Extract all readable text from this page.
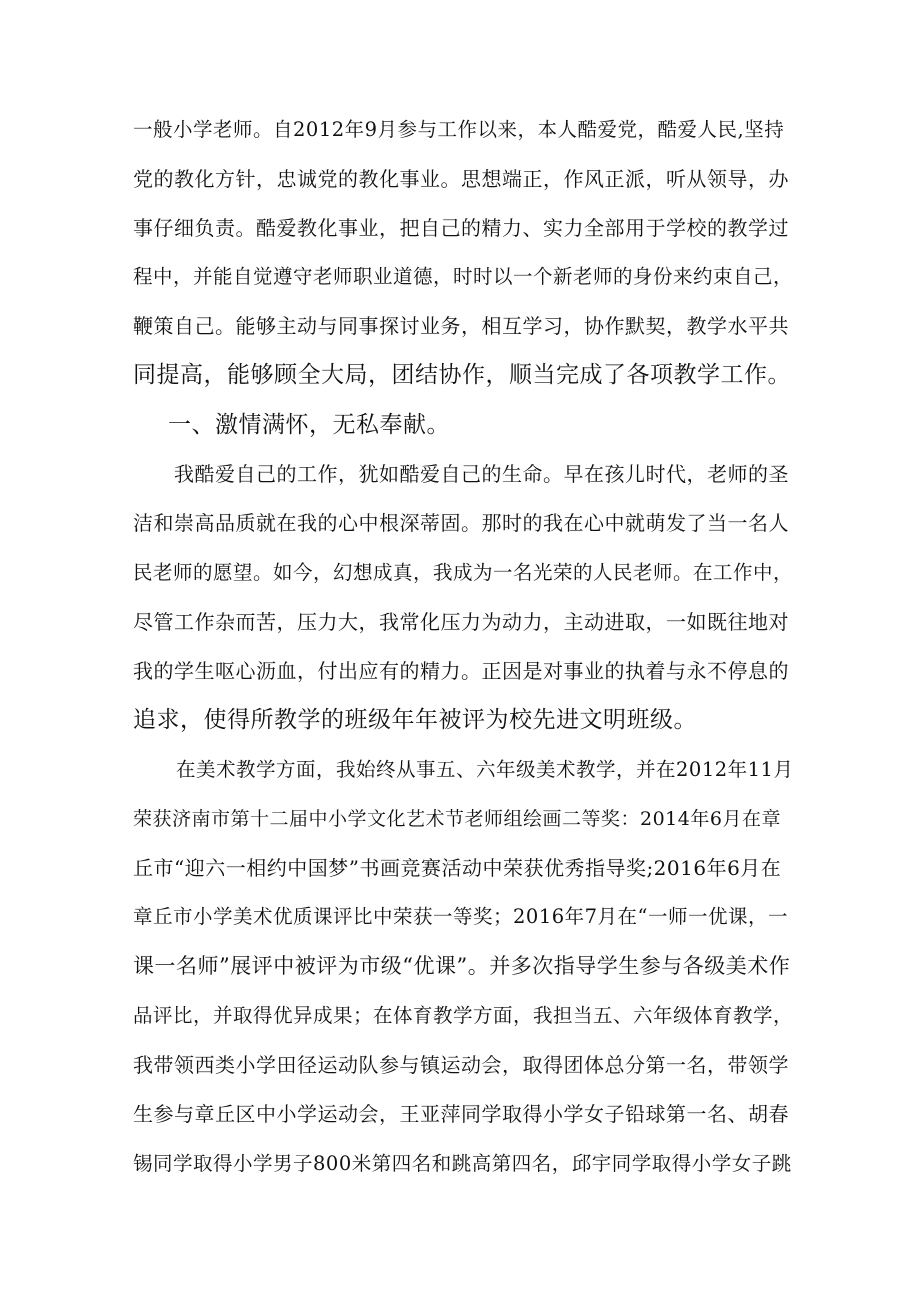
一般小学老师。自2012年9月参与工作以来，本人酷爱党，酷爱人民,坚持
党的教化方针，忠诚党的教化事业。思想端正，作风正派，听从领导，办
事仔细负责。酷爱教化事业，把自己的精力、实力全部用于学校的教学过
程中，并能自觉遵守老师职业道德，时时以一个新老师的身份来约束自己，
鞭策自己。能够主动与同事探讨业务，相互学习，协作默契，教学水平共
同提高，能够顾全大局，团结协作，顺当完成了各项教学工作。
一、激情满怀，无私奉献。
我酷爱自己的工作，犹如酷爱自己的生命。早在孩儿时代，老师的圣
洁和崇高品质就在我的心中根深蒂固。那时的我在心中就萌发了当一名人
民老师的愿望。如今，幻想成真，我成为一名光荣的人民老师。在工作中，
尽管工作杂而苦，压力大，我常化压力为动力，主动进取，一如既往地对
我的学生呕心沥血，付出应有的精力。正因是对事业的执着与永不停息的
追求，使得所教学的班级年年被评为校先进文明班级。
在美术教学方面，我始终从事五、六年级美术教学，并在2012年11月
荣获济南市第十二届中小学文化艺术节老师组绘画二等奖：2014年6月在章
丘市“迎六一相约中国梦”书画竞赛活动中荣获优秀指导奖;2016年6月在
章丘市小学美术优质课评比中荣获一等奖；2016年7月在“一师一优课，一
课一名师”展评中被评为市级“优课”。并多次指导学生参与各级美术作
品评比，并取得优异成果；在体育教学方面，我担当五、六年级体育教学，
我带领西类小学田径运动队参与镇运动会，取得团体总分第一名，带领学
生参与章丘区中小学运动会，王亚萍同学取得小学女子铅球第一名、胡春
锡同学取得小学男子800米第四名和跳高第四名，邱宇同学取得小学女子跳
